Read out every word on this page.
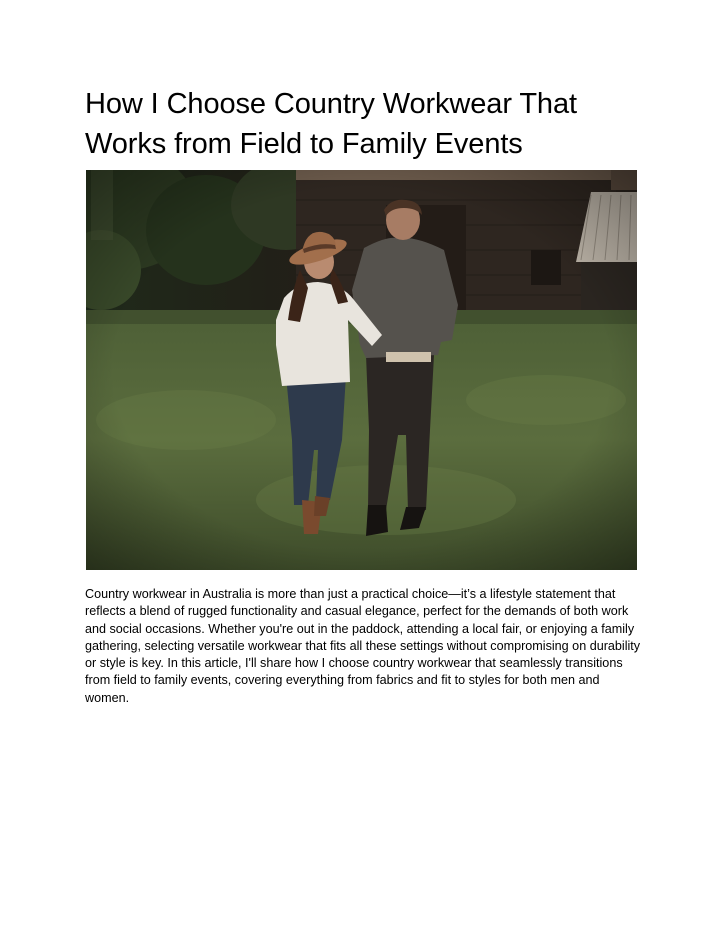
How I Choose Country Workwear That Works from Field to Family Events

Country workwear in Australia is more than just a practical choice—it’s a lifestyle statement that reflects a blend of rugged functionality and casual elegance, perfect for the demands of both work and social occasions. Whether you're out in the paddock, attending a local fair, or enjoying a family gathering, selecting versatile workwear that fits all these settings without compromising on durability or style is key. In this article, I'll share how I choose country workwear that seamlessly transitions from field to family events, covering everything from fabrics and fit to styles for both men and women.
